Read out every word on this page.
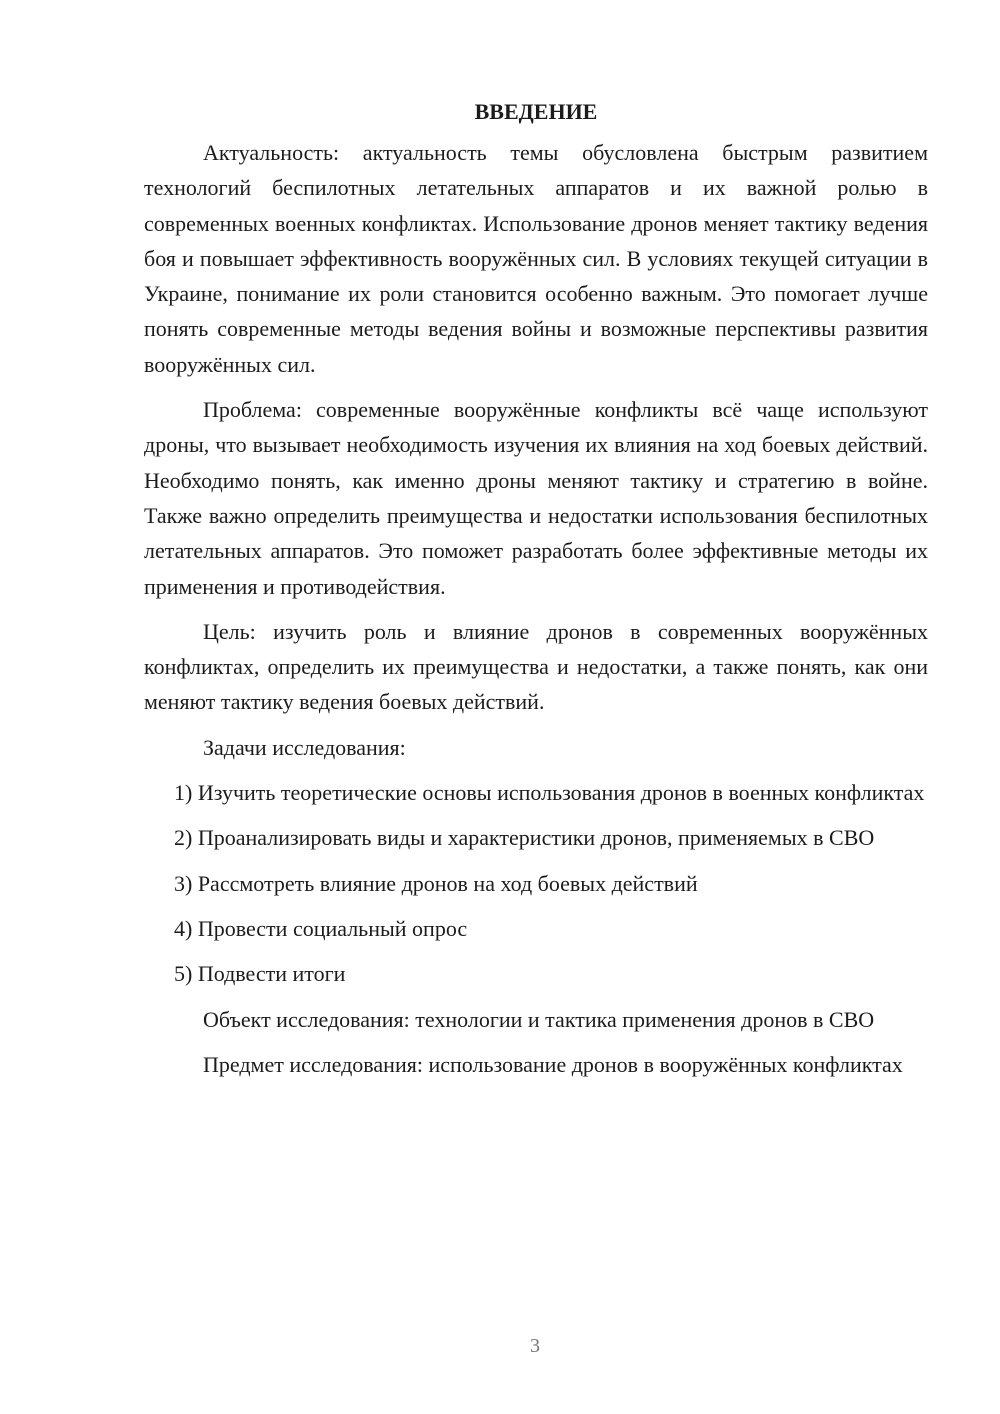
ВВЕДЕНИЕ

Актуальность: актуальность темы обусловлена быстрым развитием технологий беспилотных летательных аппаратов и их важной ролью в современных военных конфликтах. Использование дронов меняет тактику ведения боя и повышает эффективность вооружённых сил. В условиях текущей ситуации в Украине, понимание их роли становится особенно важным. Это помогает лучше понять современные методы ведения войны и возможные перспективы развития вооружённых сил.

Проблема: современные вооружённые конфликты всё чаще используют дроны, что вызывает необходимость изучения их влияния на ход боевых действий. Необходимо понять, как именно дроны меняют тактику и стратегию в войне. Также важно определить преимущества и недостатки использования беспилотных летательных аппаратов. Это поможет разработать более эффективные методы их применения и противодействия.

Цель: изучить роль и влияние дронов в современных вооружённых конфликтах, определить их преимущества и недостатки, а также понять, как они меняют тактику ведения боевых действий.

Задачи исследования:

1) Изучить теоретические основы использования дронов в военных конфликтах

2) Проанализировать виды и характеристики дронов, применяемых в СВО

3) Рассмотреть влияние дронов на ход боевых действий

4) Провести социальный опрос

5) Подвести итоги

Объект исследования: технологии и тактика применения дронов в СВО

Предмет исследования: использование дронов в вооружённых конфликтах

3
